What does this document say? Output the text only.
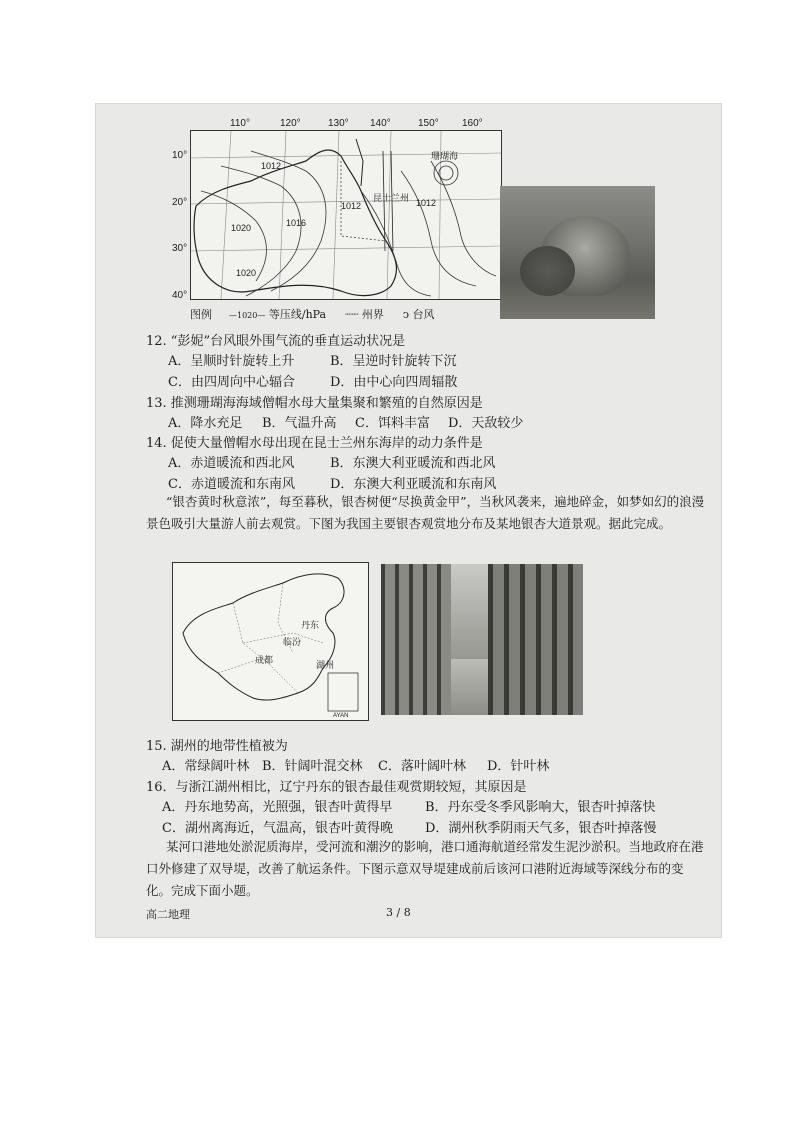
珊瑚海
昆士兰州
1012
1020	1016
1020
1012	1012
110°	120°	130° 140°	150° 160°
10°
20°
30°
40°
图例 —1020— 等压线/hPa ┈┈ 州界 ↄ 台风
12. “彭妮”台风眼外围气流的垂直运动状况是
A．呈顺时针旋转上升	B．呈逆时针旋转下沉
C．由四周向中心辐合	D．由中心向四周辐散
13. 推测珊瑚海海域僧帽水母大量集聚和繁殖的自然原因是
A．降水充足 B．气温升高 C．饵料丰富 D．天敌较少
14. 促使大量僧帽水母出现在昆士兰州东海岸的动力条件是
A．赤道暖流和西北风	B．东澳大利亚暖流和西北风
C．赤道暖流和东南风	D．东澳大利亚暖流和东南风
“银杏黄时秋意浓”，每至暮秋，银杏树便“尽换黄金甲”，当秋风袭来，遍地碎金，如梦如幻的浪漫景色吸引大量游人前去观赏。下图为我国主要银杏观赏地分布及某地银杏大道景观。据此完成。
丹东
临汾
成都	湖州
AYAN
15. 湖州的地带性植被为
A．常绿阔叶林 B．针阔叶混交林 C．落叶阔叶林 D．针叶林
16．与浙江湖州相比，辽宁丹东的银杏最佳观赏期较短，其原因是
A．丹东地势高，光照强，银杏叶黄得早	B．丹东受冬季风影响大，银杏叶掉落快
C．湖州离海近，气温高，银杏叶黄得晚 D．湖州秋季阴雨天气多，银杏叶掉落慢
某河口港地处淤泥质海岸，受河流和潮汐的影响，港口通海航道经常发生泥沙淤积。当地政府在港口外修建了双导堤，改善了航运条件。下图示意双导堤建成前后该河口港附近海域等深线分布的变化。完成下面小题。
高二地理	3 / 8
